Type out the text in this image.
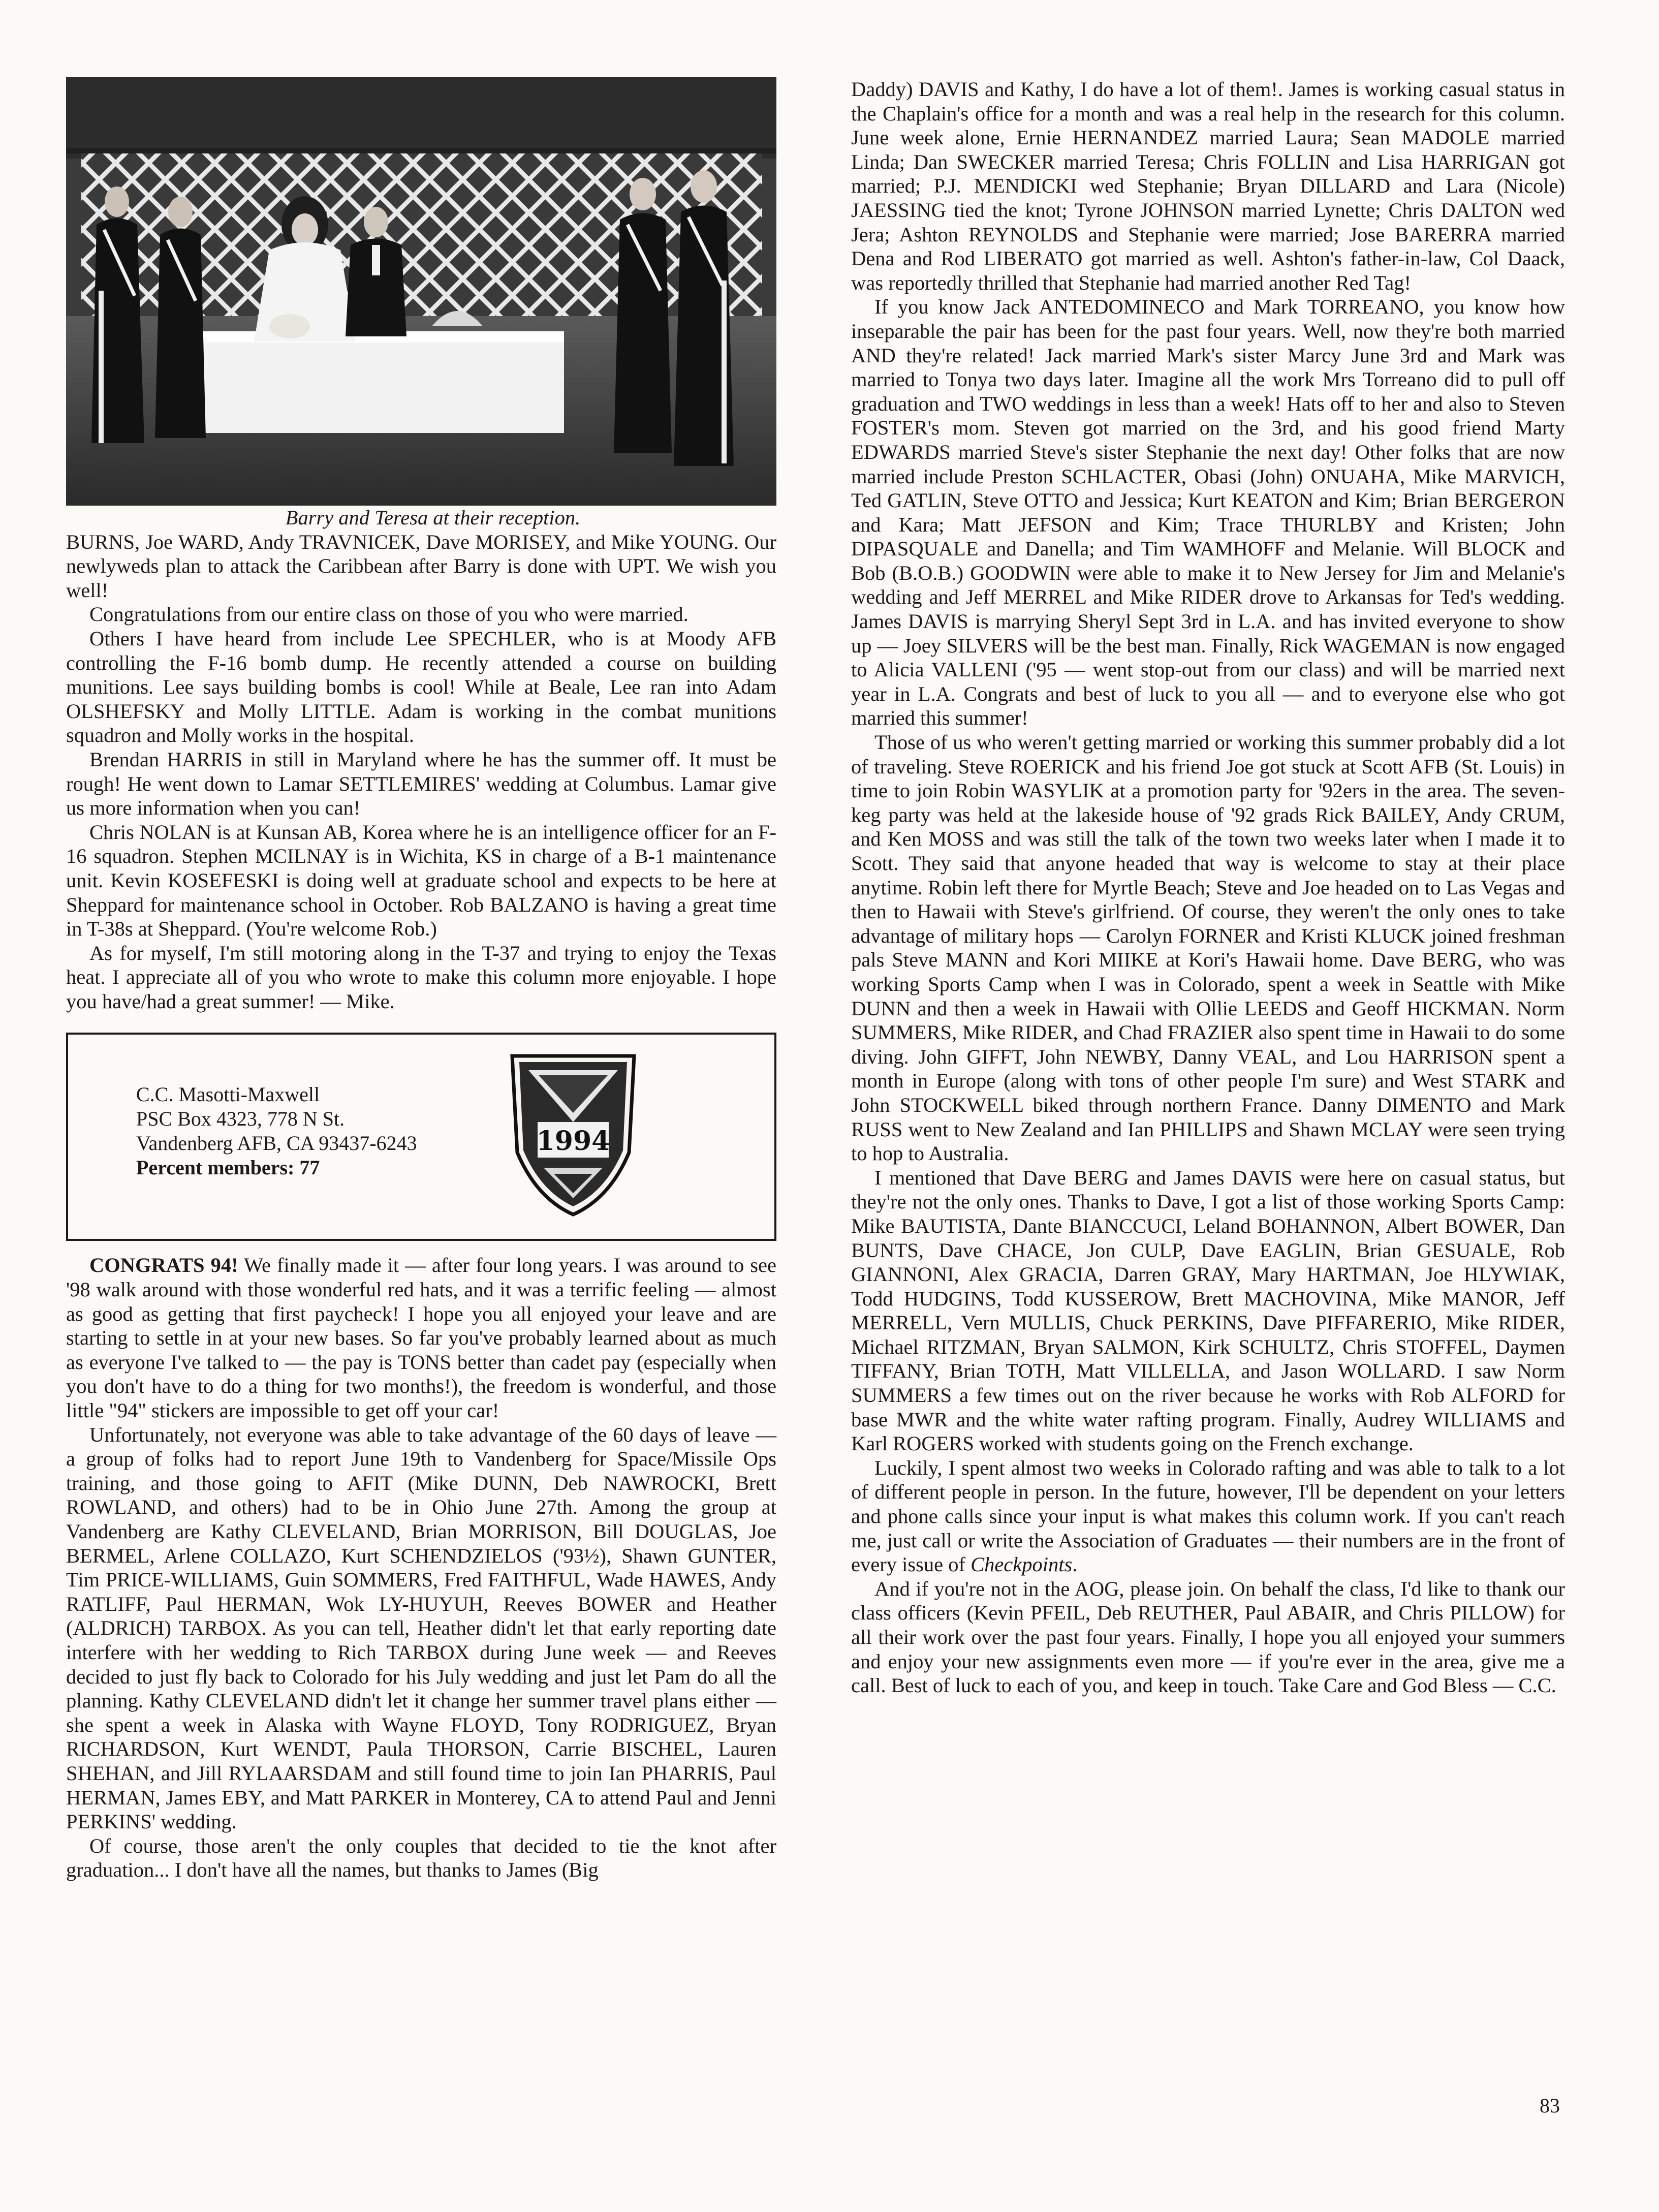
Barry and Teresa at their reception.

BURNS, Joe WARD, Andy TRAVNICEK, Dave MORISEY, and Mike YOUNG. Our newlyweds plan to attack the Caribbean after Barry is done with UPT. We wish you well!

Congratulations from our entire class on those of you who were married.

Others I have heard from include Lee SPECHLER, who is at Moody AFB controlling the F-16 bomb dump. He recently attended a course on building munitions. Lee says building bombs is cool! While at Beale, Lee ran into Adam OLSHEFSKY and Molly LITTLE. Adam is working in the combat munitions squadron and Molly works in the hospital.

Brendan HARRIS in still in Maryland where he has the summer off. It must be rough! He went down to Lamar SETTLEMIRES' wedding at Columbus. Lamar give us more information when you can!

Chris NOLAN is at Kunsan AB, Korea where he is an intelligence officer for an F-16 squadron. Stephen MCILNAY is in Wichita, KS in charge of a B-1 maintenance unit. Kevin KOSEFESKI is doing well at graduate school and expects to be here at Sheppard for maintenance school in October. Rob BALZANO is having a great time in T-38s at Sheppard. (You're welcome Rob.)

As for myself, I'm still motoring along in the T-37 and trying to enjoy the Texas heat. I appreciate all of you who wrote to make this column more enjoyable. I hope you have/had a great summer! — Mike.

C.C. Masotti-Maxwell
PSC Box 4323, 778 N St.
Vandenberg AFB, CA 93437-6243
Percent members: 77
1994

CONGRATS 94! We finally made it — after four long years. I was around to see '98 walk around with those wonderful red hats, and it was a terrific feeling — almost as good as getting that first paycheck! I hope you all enjoyed your leave and are starting to settle in at your new bases. So far you've probably learned about as much as everyone I've talked to — the pay is TONS better than cadet pay (especially when you don't have to do a thing for two months!), the freedom is wonderful, and those little "94" stickers are impossible to get off your car!

Unfortunately, not everyone was able to take advantage of the 60 days of leave — a group of folks had to report June 19th to Vandenberg for Space/Missile Ops training, and those going to AFIT (Mike DUNN, Deb NAWROCKI, Brett ROWLAND, and others) had to be in Ohio June 27th. Among the group at Vandenberg are Kathy CLEVELAND, Brian MORRISON, Bill DOUGLAS, Joe BERMEL, Arlene COLLAZO, Kurt SCHENDZIELOS ('93½), Shawn GUNTER, Tim PRICE-WILLIAMS, Guin SOMMERS, Fred FAITHFUL, Wade HAWES, Andy RATLIFF, Paul HERMAN, Wok LY-HUYUH, Reeves BOWER and Heather (ALDRICH) TARBOX. As you can tell, Heather didn't let that early reporting date interfere with her wedding to Rich TARBOX during June week — and Reeves decided to just fly back to Colorado for his July wedding and just let Pam do all the planning. Kathy CLEVELAND didn't let it change her summer travel plans either — she spent a week in Alaska with Wayne FLOYD, Tony RODRIGUEZ, Bryan RICHARDSON, Kurt WENDT, Paula THORSON, Carrie BISCHEL, Lauren SHEHAN, and Jill RYLAARSDAM and still found time to join Ian PHARRIS, Paul HERMAN, James EBY, and Matt PARKER in Monterey, CA to attend Paul and Jenni PERKINS' wedding.

Of course, those aren't the only couples that decided to tie the knot after graduation... I don't have all the names, but thanks to James (Big

Daddy) DAVIS and Kathy, I do have a lot of them!. James is working casual status in the Chaplain's office for a month and was a real help in the research for this column. June week alone, Ernie HERNANDEZ married Laura; Sean MADOLE married Linda; Dan SWECKER married Teresa; Chris FOLLIN and Lisa HARRIGAN got married; P.J. MENDICKI wed Stephanie; Bryan DILLARD and Lara (Nicole) JAESSING tied the knot; Tyrone JOHNSON married Lynette; Chris DALTON wed Jera; Ashton REYNOLDS and Stephanie were married; Jose BARERRA married Dena and Rod LIBERATO got married as well. Ashton's father-in-law, Col Daack, was reportedly thrilled that Stephanie had married another Red Tag!

If you know Jack ANTEDOMINECO and Mark TORREANO, you know how inseparable the pair has been for the past four years. Well, now they're both married AND they're related! Jack married Mark's sister Marcy June 3rd and Mark was married to Tonya two days later. Imagine all the work Mrs Torreano did to pull off graduation and TWO weddings in less than a week! Hats off to her and also to Steven FOSTER's mom. Steven got married on the 3rd, and his good friend Marty EDWARDS married Steve's sister Stephanie the next day! Other folks that are now married include Preston SCHLACTER, Obasi (John) ONUAHA, Mike MARVICH, Ted GATLIN, Steve OTTO and Jessica; Kurt KEATON and Kim; Brian BERGERON and Kara; Matt JEFSON and Kim; Trace THURLBY and Kristen; John DIPASQUALE and Danella; and Tim WAMHOFF and Melanie. Will BLOCK and Bob (B.O.B.) GOODWIN were able to make it to New Jersey for Jim and Melanie's wedding and Jeff MERREL and Mike RIDER drove to Arkansas for Ted's wedding. James DAVIS is marrying Sheryl Sept 3rd in L.A. and has invited everyone to show up — Joey SILVERS will be the best man. Finally, Rick WAGEMAN is now engaged to Alicia VALLENI ('95 — went stop-out from our class) and will be married next year in L.A. Congrats and best of luck to you all — and to everyone else who got married this summer!

Those of us who weren't getting married or working this summer probably did a lot of traveling. Steve ROERICK and his friend Joe got stuck at Scott AFB (St. Louis) in time to join Robin WASYLIK at a promotion party for '92ers in the area. The seven-keg party was held at the lakeside house of '92 grads Rick BAILEY, Andy CRUM, and Ken MOSS and was still the talk of the town two weeks later when I made it to Scott. They said that anyone headed that way is welcome to stay at their place anytime. Robin left there for Myrtle Beach; Steve and Joe headed on to Las Vegas and then to Hawaii with Steve's girlfriend. Of course, they weren't the only ones to take advantage of military hops — Carolyn FORNER and Kristi KLUCK joined freshman pals Steve MANN and Kori MIIKE at Kori's Hawaii home. Dave BERG, who was working Sports Camp when I was in Colorado, spent a week in Seattle with Mike DUNN and then a week in Hawaii with Ollie LEEDS and Geoff HICKMAN. Norm SUMMERS, Mike RIDER, and Chad FRAZIER also spent time in Hawaii to do some diving. John GIFFT, John NEWBY, Danny VEAL, and Lou HARRISON spent a month in Europe (along with tons of other people I'm sure) and West STARK and John STOCKWELL biked through northern France. Danny DIMENTO and Mark RUSS went to New Zealand and Ian PHILLIPS and Shawn MCLAY were seen trying to hop to Australia.

I mentioned that Dave BERG and James DAVIS were here on casual status, but they're not the only ones. Thanks to Dave, I got a list of those working Sports Camp: Mike BAUTISTA, Dante BIANCCUCI, Leland BOHANNON, Albert BOWER, Dan BUNTS, Dave CHACE, Jon CULP, Dave EAGLIN, Brian GESUALE, Rob GIANNONI, Alex GRACIA, Darren GRAY, Mary HARTMAN, Joe HLYWIAK, Todd HUDGINS, Todd KUSSEROW, Brett MACHOVINA, Mike MANOR, Jeff MERRELL, Vern MULLIS, Chuck PERKINS, Dave PIFFARERIO, Mike RIDER, Michael RITZMAN, Bryan SALMON, Kirk SCHULTZ, Chris STOFFEL, Daymen TIFFANY, Brian TOTH, Matt VILLELLA, and Jason WOLLARD. I saw Norm SUMMERS a few times out on the river because he works with Rob ALFORD for base MWR and the white water rafting program. Finally, Audrey WILLIAMS and Karl ROGERS worked with students going on the French exchange.

Luckily, I spent almost two weeks in Colorado rafting and was able to talk to a lot of different people in person. In the future, however, I'll be dependent on your letters and phone calls since your input is what makes this column work. If you can't reach me, just call or write the Association of Graduates — their numbers are in the front of every issue of Checkpoints.

And if you're not in the AOG, please join. On behalf the class, I'd like to thank our class officers (Kevin PFEIL, Deb REUTHER, Paul ABAIR, and Chris PILLOW) for all their work over the past four years. Finally, I hope you all enjoyed your summers and enjoy your new assignments even more — if you're ever in the area, give me a call. Best of luck to each of you, and keep in touch. Take Care and God Bless — C.C.

83
